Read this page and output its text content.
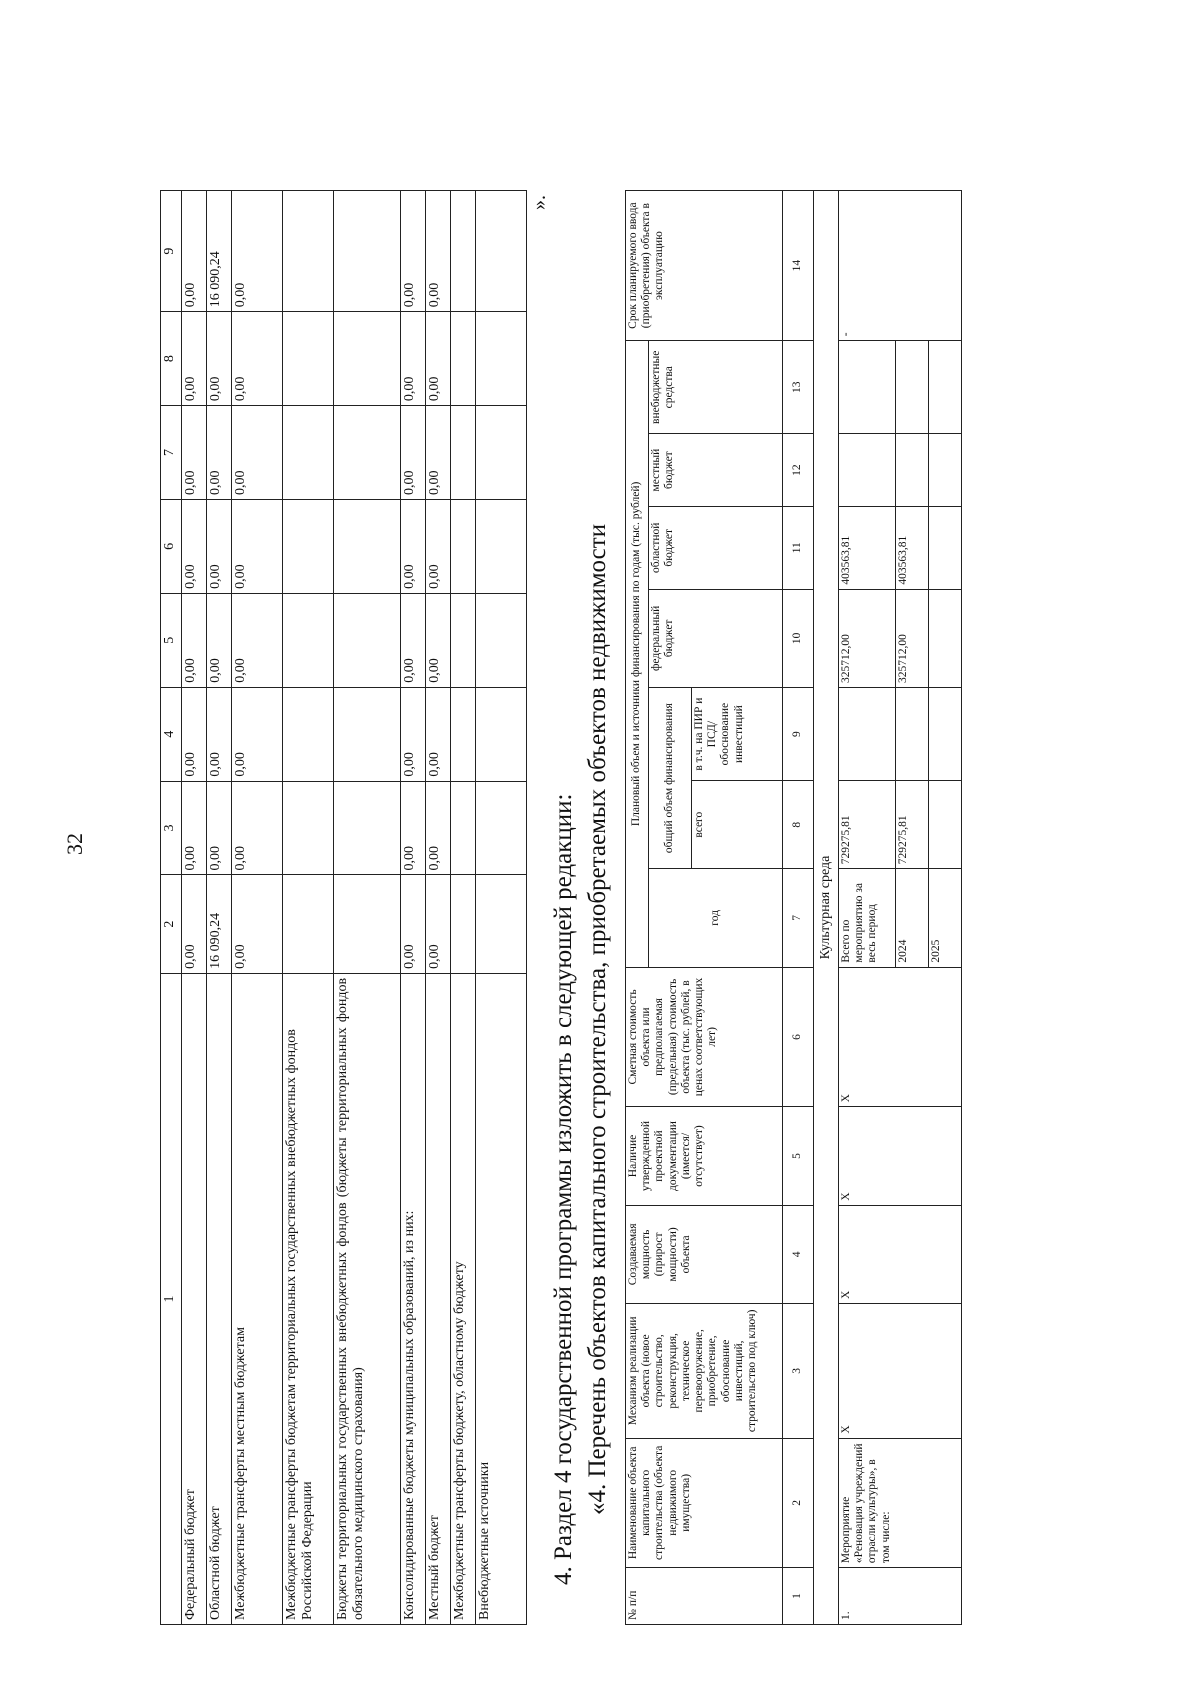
32
1	2	3	4	5	6	7	8	9
Федеральный бюджет	0,00	0,00	0,00	0,00	0,00	0,00	0,00	0,00
Областной бюджет	16 090,24	0,00	0,00	0,00	0,00	0,00	0,00	16 090,24
Межбюджетные трансферты местным бюджетам	0,00	0,00	0,00	0,00	0,00	0,00	0,00	0,00
Межбюджетные трансферты бюджетам территориальных государственных внебюджетных фондов Российской Федерации								
Бюджеты территориальных государственных внебюджетных фондов (бюджеты территориальных фондов обязательного медицинского страхования)								
Консолидированные бюджеты муниципальных образований, из них:	0,00	0,00	0,00	0,00	0,00	0,00	0,00	0,00
Местный бюджет	0,00	0,00	0,00	0,00	0,00	0,00	0,00	0,00
Межбюджетные трансферты бюджету, областному бюджету								
Внебюджетные источники								
».
4. Раздел 4 государственной программы изложить в следующей редакции: «4. Перечень объектов капитального строительства, приобретаемых объектов недвижимости
№ п/п	Наименование объекта капитального строительства (объекта недвижимого имущества)	Механизм реализации объекта (новое строительство, реконструкция, техническое перевооружение, приобретение, обоснование инвестиций, строительство под ключ)	Создаваемая мощность (прирост мощности) объекта	Наличие утвержденной проектной документации (имеется/ отсутствует)	Сметная стоимость объекта или предполагаемая (предельная) стоимость объекта (тыс. рублей, в ценах соответствующих лет)	Плановый объем и источники финансирования по годам (тыс. рублей)							Срок планируемого ввода (приобретения) объекта в эксплуатацию
						год	общий объем финансирования		федеральный бюджет	областной бюджет	местный бюджет	внебюджетные средства	
							всего	в т.ч. на ПИР и ПСД/ обоснование инвестиций					
1	2	3	4	5	6	7	8	9	10	11	12	13	14
Культурная среда													
1.	Мероприятие «Реновация учреждений отрасли культуры», в том числе:	Х	Х	Х	Х	Всего по мероприятию за весь период	729275,81		325712,00	403563,81			-
						2024	729275,81		325712,00	403563,81			
						2025							
